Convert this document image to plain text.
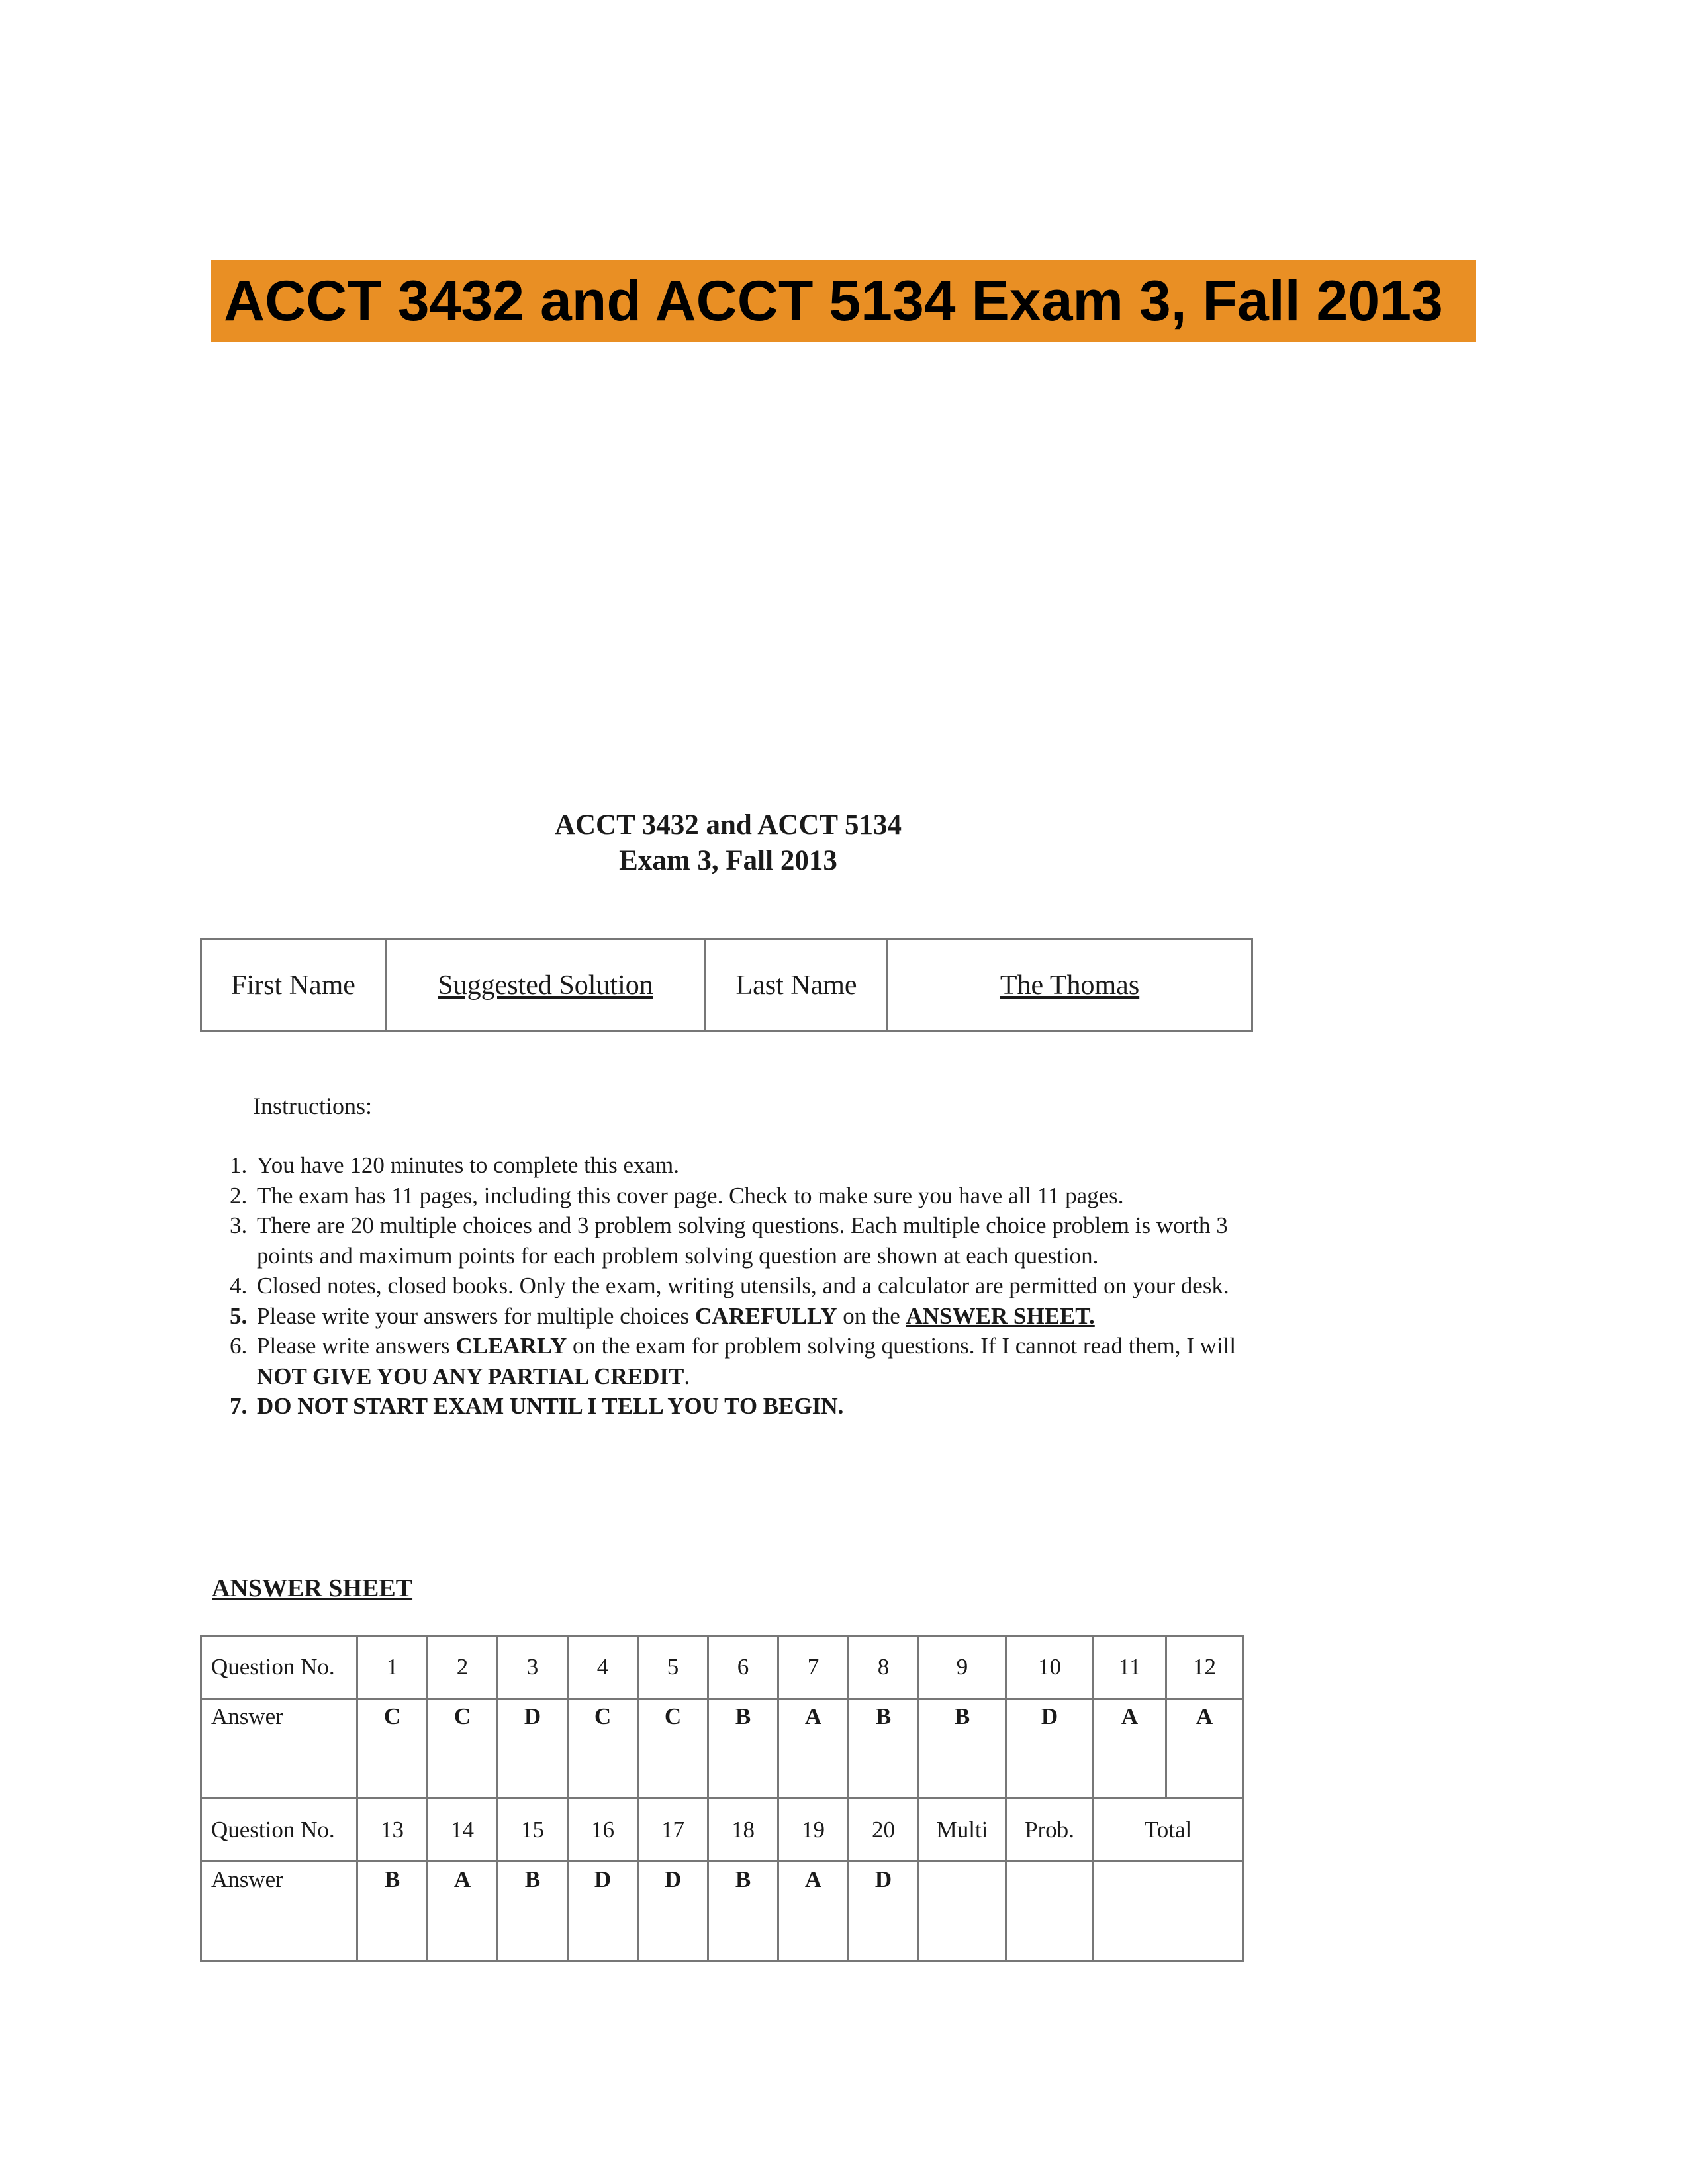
ACCT 3432 and ACCT 5134 Exam 3, Fall 2013
ACCT 3432 and ACCT 5134
Exam 3, Fall 2013
First Name	Suggested Solution	Last Name	The Thomas
Instructions:
1. You have 120 minutes to complete this exam.
2. The exam has 11 pages, including this cover page. Check to make sure you have all 11 pages.
3. There are 20 multiple choices and 3 problem solving questions. Each multiple choice problem is worth 3 points and maximum points for each problem solving question are shown at each question.
4. Closed notes, closed books. Only the exam, writing utensils, and a calculator are permitted on your desk.
5. Please write your answers for multiple choices CAREFULLY on the ANSWER SHEET.
6. Please write answers CLEARLY on the exam for problem solving questions. If I cannot read them, I will NOT GIVE YOU ANY PARTIAL CREDIT.
7. DO NOT START EXAM UNTIL I TELL YOU TO BEGIN.
ANSWER SHEET
Question No.	1	2	3	4	5	6	7	8	9	10	11	12
Answer	C	C	D	C	C	B	A	B	B	D	A	A
Question No.	13	14	15	16	17	18	19	20	Multi	Prob.	Total	
Answer	B	A	B	D	D	B	A	D				
